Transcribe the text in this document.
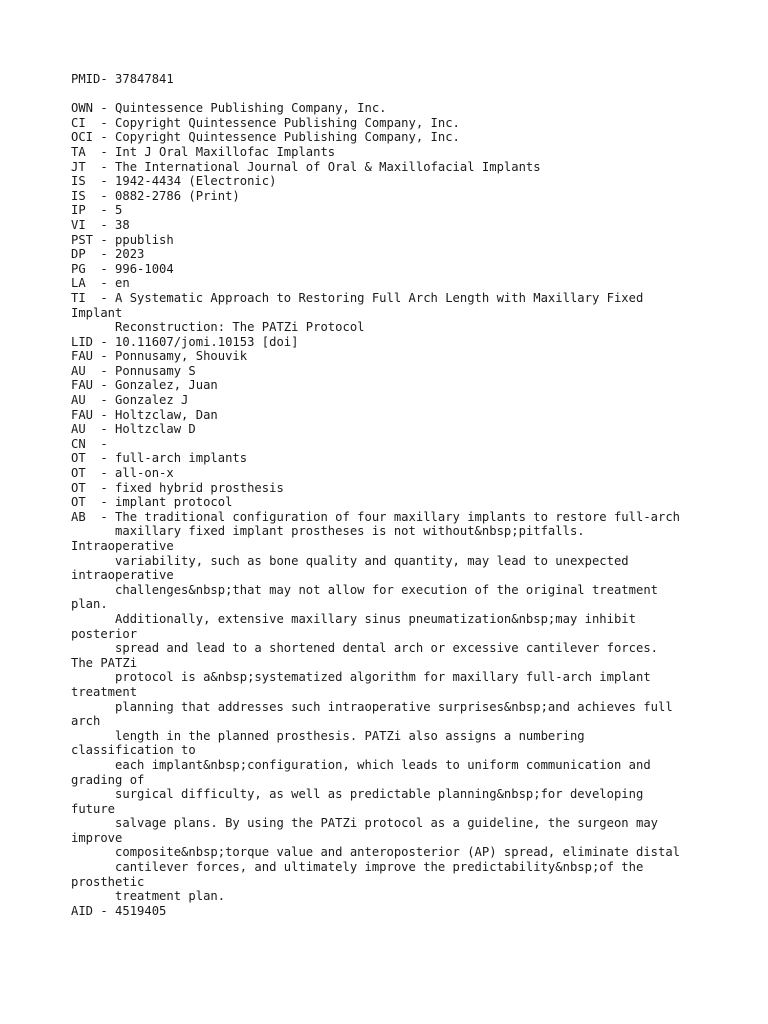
PMID- 37847841
OWN - Quintessence Publishing Company, Inc.
CI  - Copyright Quintessence Publishing Company, Inc.
OCI - Copyright Quintessence Publishing Company, Inc.
TA  - Int J Oral Maxillofac Implants
JT  - The International Journal of Oral & Maxillofacial Implants
IS  - 1942-4434 (Electronic)
IS  - 0882-2786 (Print)
IP  - 5
VI  - 38
PST - ppublish
DP  - 2023
PG  - 996-1004
LA  - en
TI  - A Systematic Approach to Restoring Full Arch Length with Maxillary Fixed
Implant
Reconstruction: The PATZi Protocol
LID - 10.11607/jomi.10153 [doi]
FAU - Ponnusamy, Shouvik
AU  - Ponnusamy S
FAU - Gonzalez, Juan
AU  - Gonzalez J
FAU - Holtzclaw, Dan
AU  - Holtzclaw D
CN  -
OT  - full-arch implants
OT  - all-on-x
OT  - fixed hybrid prosthesis
OT  - implant protocol
AB  - The traditional configuration of four maxillary implants to restore full-arch
maxillary fixed implant prostheses is not without&nbsp;pitfalls.
Intraoperative
variability, such as bone quality and quantity, may lead to unexpected
intraoperative
challenges&nbsp;that may not allow for execution of the original treatment
plan.
Additionally, extensive maxillary sinus pneumatization&nbsp;may inhibit
posterior
spread and lead to a shortened dental arch or excessive cantilever forces.
The PATZi
protocol is a&nbsp;systematized algorithm for maxillary full-arch implant
treatment
planning that addresses such intraoperative surprises&nbsp;and achieves full
arch
length in the planned prosthesis. PATZi also assigns a numbering
classification to
each implant&nbsp;configuration, which leads to uniform communication and
grading of
surgical difficulty, as well as predictable planning&nbsp;for developing
future
salvage plans. By using the PATZi protocol as a guideline, the surgeon may
improve
composite&nbsp;torque value and anteroposterior (AP) spread, eliminate distal
cantilever forces, and ultimately improve the predictability&nbsp;of the
prosthetic
treatment plan.
AID - 4519405
